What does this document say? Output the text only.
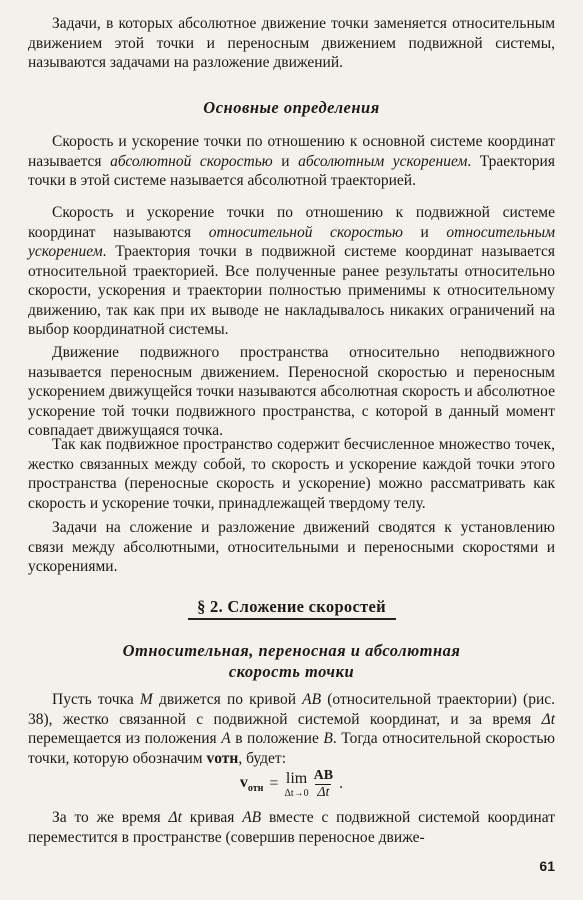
Задачи, в которых абсолютное движение точки заменяется относительным движением этой точки и переносным движением подвижной системы, называются задачами на разложение движений.

Основные определения

Скорость и ускорение точки по отношению к основной системе координат называется абсолютной скоростью и абсолютным ускорением. Траектория точки в этой системе называется абсолютной траекторией.

Скорость и ускорение точки по отношению к подвижной системе координат называются относительной скоростью и относительным ускорением. Траектория точки в подвижной системе координат называется относительной траекторией. Все полученные ранее результаты относительно скорости, ускорения и траектории полностью применимы к относительному движению, так как при их выводе не накладывалось никаких ограничений на выбор координатной системы.

Движение подвижного пространства относительно неподвижного называется переносным движением. Переносной скоростью и переносным ускорением движущейся точки называются абсолютная скорость и абсолютное ускорение той точки подвижного пространства, с которой в данный момент совпадает движущаяся точка.

Так как подвижное пространство содержит бесчисленное множество точек, жестко связанных между собой, то скорость и ускорение каждой точки этого пространства (переносные скорость и ускорение) можно рассматривать как скорость и ускорение точки, принадлежащей твердому телу.

Задачи на сложение и разложение движений сводятся к установлению связи между абсолютными, относительными и переносными скоростями и ускорениями.

§ 2. Сложение скоростей
Относительная, переносная и абсолютная
скорость точки

Пусть точка M движется по кривой AB (относительной траектории) (рис. 38), жестко связанной с подвижной системой координат, и за время Δt перемещается из положения A в положение B. Тогда относительной скоростью точки, которую обозначим vотн, будет:

$v_{отн} = \lim$
$\Delta t\to 0 \frac{AB}{\Delta t}$ .

За то же время Δt кривая AB вместе с подвижной системой координат переместится в пространстве (совершив переносное движе-

61
